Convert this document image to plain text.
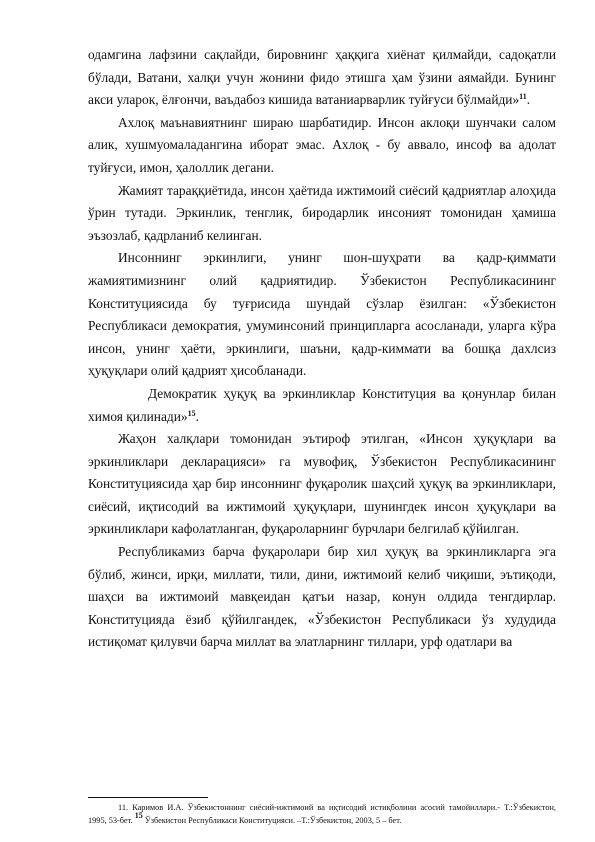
одамгина лафзини сақлайди, бировнинг ҳаққига хиёнат қилмайди, садоқатли бўлади, Ватани, халқи учун жонини фидо этишга ҳам ўзини аямайди. Бунинг акси уларок, ёлғончи, ваъдабоз кишида ватаниарварлик туйғуси бўлмайди»$^{11}$.

Ахлоқ маънавиятнинг шираю шарбатидир. Инсон аклоқи шунчаки салом алик, хушмуомаладангина иборат эмас. Ахлоқ - бу аввало, инсоф ва адолат туйғуси, имон, ҳалоллик дегани.

Жамият тараққиётида, инсон ҳаётида ижтимоий сиёсий қадриятлар алоҳида ўрин тутади. Эркинлик, тенглик, биродарлик инсоният томонидан ҳамиша эъзозлаб, қадрланиб келинган.

Инсоннинг эркинлиги, унинг шон-шуҳрати ва қадр-қиммати жамиятимизнинг олий қадриятидир. Ўзбекистон Республикасининг Конституциясида бу туғрисида шундай сўзлар ёзилган: «Ўзбекистон Республикаси демократия, умуминсоний принципларга асосланади, уларга кўра инсон, унинг ҳаёти, эркинлиги, шаъни, қадр-киммати ва бошқа дахлсиз ҳуқуқлари олий қадрият ҳисобланади.

Демократик ҳуқуқ ва эркинликлар Конституция ва қонунлар билан химоя қилинади»$^{15}$.

Жаҳон халқлари томонидан эътироф этилган, «Инсон ҳуқуқлари ва эркинликлари декларацияси» га мувофиқ, Ўзбекистон Республикасининг Конституциясида ҳар бир инсоннинг фуқаролик шаҳсий ҳуқуқ ва эркинликлари, сиёсий, иқтисодий ва ижтимоий ҳуқуқлари, шунингдек инсон ҳуқуқлари ва эркинликлари кафолатланган, фуқароларнинг бурчлари белгилаб қўйилган.

Республикамиз барча фуқаролари бир хил ҳуқуқ ва эркинликларга эга бўлиб, жинси, ирқи, миллати, тили, дини, ижтимоий келиб чиқиши, эътиқоди, шаҳси ва ижтимоий мавқеидан қатъи назар, конун олдида тенгдирлар. Конституцияда ёзиб қўйилгандек, «Ўзбекистон Республикаси ўз худудида истиқомат қилувчи барча миллат ва элатларнинг тиллари, урф одатлари ва

11. Каримов И.А. Ўзбекистоннинг сиёсий-ижтимоий ва иқтисодий истиқболини асосий тамойиллари.- Т.:Ўзбекистон, 1995, 53-бет. $^{15}$ Ўзбекистон Республикаси Конституцияси. –Т.:Ўзбекистон, 2003, 5 – бет.
